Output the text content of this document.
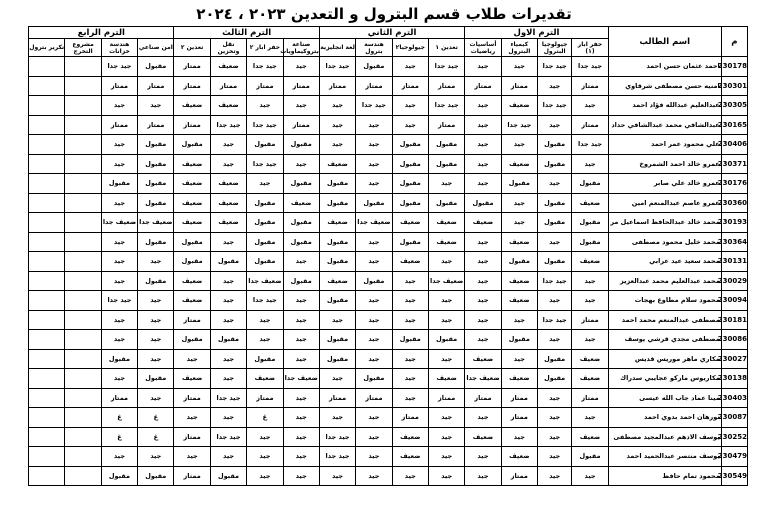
تقديرات طلاب قسم البترول و التعدين ٢٠٢٣ ، ٢٠٢٤
م	اسم الطالب	الترم الاول				الترم الثاني				الترم الثالث				الترم الرابع			
		حفر ابار (١)	جيولوجيا البترول	كيمياء البترول	أساسيات رياضيات	تعدين ١	جيولوجيا٢	هندسة بترول	لغة انجليزية	صناعة بتروكيماويات	حفر ابار ٢	نقل وتخزين	تعدين ٢	امن صناعي	هندسة خزانات	مشروع التخرج	تكرير بترول
230178	احمد عثمان حسن احمد	جيد جدا	جيد جدا	جيد	جيد	جيد جدا	جيد	مقبول	جيد جدا	جيد	جيد جدا	ضعيف	ممتاز	مقبول	جيد جدا		
230301	امنيه حسن مصطفى شرقاوي	ممتاز	جيد	ممتاز	ممتاز	ممتاز	ممتاز	ممتاز	ممتاز	ممتاز	ممتاز	ممتاز	ممتاز	ممتاز	ممتاز		
230305	عبدالعليم عبدالله فؤاد احمد	جيد	جيد جدا	ضعيف	جيد	جيد جدا	جيد	جيد جدا	جيد	جيد	جيد	ضعيف	ضعيف	جيد	جيد		
230165	عبدالشافي محمد عبدالشافي حداد	ممتاز	جيد	جيد جدا	جيد	ممتاز	جيد	جيد	جيد	ممتاز	جيد جدا	جيد جدا	ممتاز	ممتاز	ممتاز		
230406	علي محمود عمر احمد	جيد جدا	مقبول	جيد	جيد	مقبول	مقبول	جيد	جيد	مقبول	مقبول	جيد	مقبول	مقبول	جيد		
230371	عمرو خالد احمد الشمروخ	جيد	مقبول	ضعيف	جيد	مقبول	مقبول	جيد	ضعيف	جيد	جيد جدا	جيد	ضعيف	مقبول	جيد		
230176	عمرو خالد علي صابر	مقبول	جيد	مقبول	جيد	جيد	مقبول	جيد	مقبول	مقبول	جيد	ضعيف	ضعيف	مقبول	مقبول		
230360	عمرو عاصم عبدالمنعم امين	ضعيف	مقبول	جيد	مقبول	مقبول	مقبول	مقبول	مقبول	ضعيف	مقبول	ضعيف	ضعيف	مقبول	جيد		
230193	محمد خالد عبدالحافظ اسماعيل مر	مقبول	مقبول	جيد	ضعيف	ضعيف	ضعيف	ضعيف جدا	ضعيف	مقبول	مقبول	ضعيف	ضعيف	ضعيف جدا	ضعيف جدا		
230364	محمد خليل محمود مصطفى	مقبول	جيد	ضعيف	جيد	ضعيف	مقبول	جيد	مقبول	مقبول	مقبول	جيد	مقبول	مقبول	جيد		
230131	محمد سعيد عيد عرابي	ضعيف	مقبول	مقبول	جيد	جيد	ضعيف	جيد	مقبول	جيد	مقبول	مقبول	مقبول	جيد	جيد		
230029	محمد عبدالعليم محمد عبدالعزيز	جيد	جيد جدا	ضعيف	جيد	ضعيف جدا	جيد	مقبول	ضعيف	مقبول	ضعيف جدا	جيد	ضعيف	مقبول	جيد		
230094	محمود سلام مطاوع بهجات	جيد	جيد	ضعيف	جيد	جيد	جيد	جيد	مقبول	جيد	جيد جدا	جيد	ضعيف	جيد	جيد جدا		
230181	مصطفى عبدالمنعم محمد احمد	ممتاز	جيد جدا	جيد	جيد	جيد	جيد	جيد	جيد	جيد	جيد	جيد	ممتاز	جيد	جيد		
230086	مصطفى مجدي قرشي يوسف	جيد	جيد	مقبول	جيد	مقبول	مقبول	جيد	مقبول	جيد	جيد	مقبول	مقبول	جيد	جيد		
230027	مكاري ماهر موريس قديس	ضعيف	مقبول	جيد	ضعيف	جيد	جيد	جيد	مقبول	جيد	مقبول	جيد	جيد	جيد	مقبول		
230138	مكاريوس ماركو عجايبي سدراك	ضعيف	مقبول	ضعيف	ضعيف جدا	ضعيف	جيد	مقبول	جيد	ضعيف جدا	ضعيف	جيد	ضعيف	مقبول	جيد		
230403	مينا عماد جاب الله عيسى	ممتاز	جيد	ممتاز	ممتاز	ممتاز	جيد	ممتاز	ممتاز	جيد	ممتاز	جيد جدا	ممتاز	جيد	ممتاز		
230087	نورهان احمد بدوي احمد	جيد	جيد	ممتاز	جيد	جيد	ممتاز	جيد	جيد	جيد	غ	جيد	جيد	غ	غ		
230252	يوسف الادهم عبدالمجيد مصطفى	ضعيف	جيد	جيد	ضعيف	جيد	ضعيف	جيد	جيد جدا	جيد	جيد	جيد جدا	ممتاز	غ	غ		
230479	يوسف منتصر عبدالحميد احمد	مقبول	جيد	ضعيف	جيد	جيد	ضعيف	جيد	جيد جدا	جيد	جيد	جيد	جيد	جيد	جيد		
230549	محمود تمام حافظ	جيد	جيد	ممتاز	جيد	جيد	جيد	جيد	جيد	جيد	جيد	مقبول	ممتاز	مقبول	مقبول		
